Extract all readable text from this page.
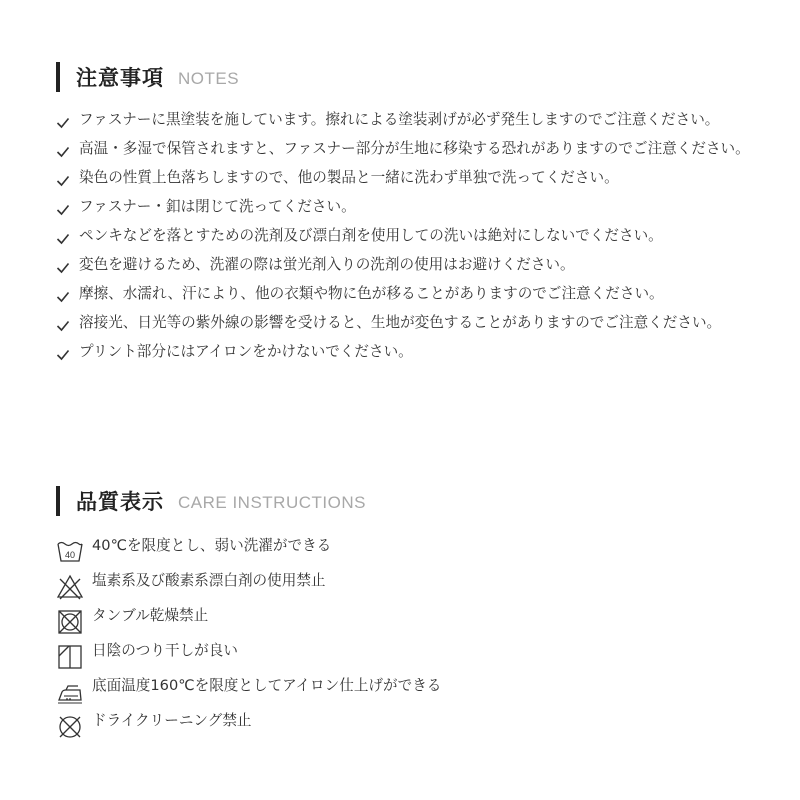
注意事項 NOTES
ファスナーに黒塗装を施しています。擦れによる塗装剥げが必ず発生しますのでご注意ください。
高温・多湿で保管されますと、ファスナー部分が生地に移染する恐れがありますのでご注意ください。
染色の性質上色落ちしますので、他の製品と一緒に洗わず単独で洗ってください。
ファスナー・釦は閉じて洗ってください。
ペンキなどを落とすための洗剤及び漂白剤を使用しての洗いは絶対にしないでください。
変色を避けるため、洗濯の際は蛍光剤入りの洗剤の使用はお避けください。
摩擦、水濡れ、汗により、他の衣類や物に色が移ることがありますのでご注意ください。
溶接光、日光等の紫外線の影響を受けると、生地が変色することがありますのでご注意ください。
プリント部分にはアイロンをかけないでください。
品質表示 CARE INSTRUCTIONS
40
40℃を限度とし、弱い洗濯ができる
塩素系及び酸素系漂白剤の使用禁止
タンブル乾燥禁止
日陰のつり干しが良い
底面温度160℃を限度としてアイロン仕上げができる
ドライクリーニング禁止
